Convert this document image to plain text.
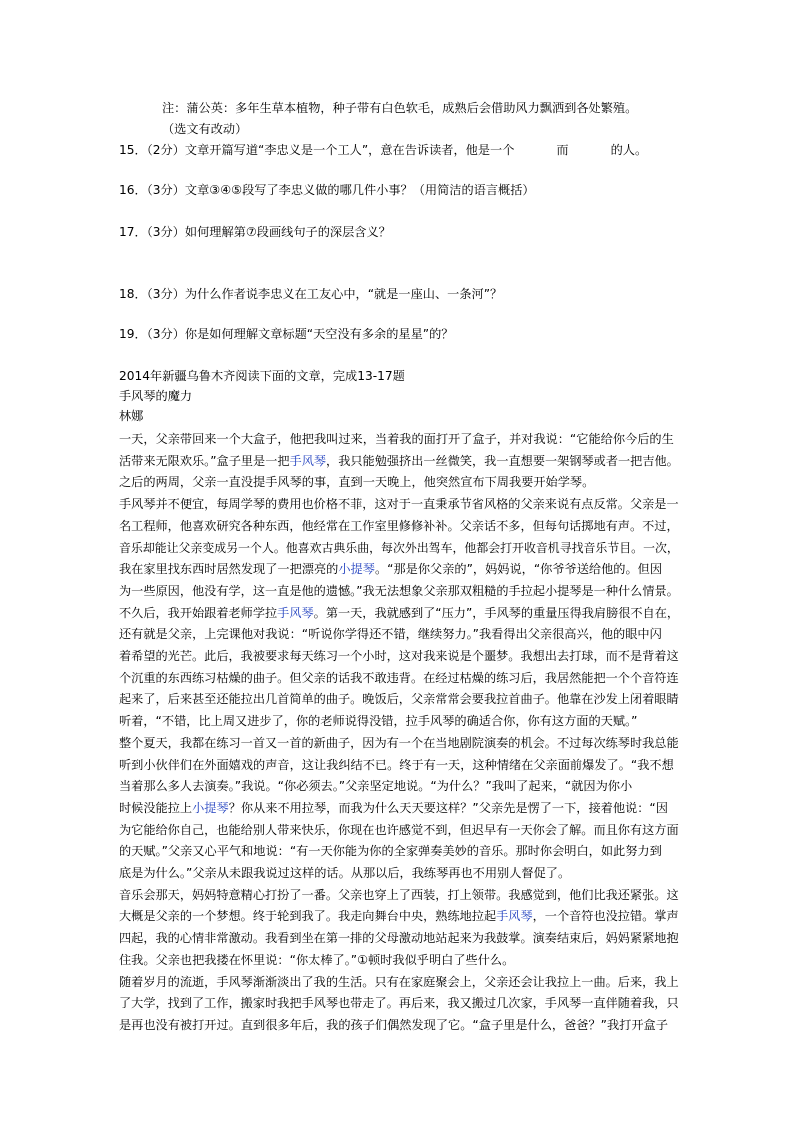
注：蒲公英：多年生草本植物，种子带有白色软毛，成熟后会借助风力飘洒到各处繁殖。
（选文有改动）
15．（2分）文章开篇写道“李忠义是一个工人”，意在告诉读者，他是一个	而	的人。
16．（3分）文章③④⑤段写了李忠义做的哪几件小事？（用简洁的语言概括）
17．（3分）如何理解第⑦段画线句子的深层含义？
18．（3分）为什么作者说李忠义在工友心中，“就是一座山、一条河”？
19．（3分）你是如何理解文章标题“天空没有多余的星星”的？
2014年新疆乌鲁木齐阅读下面的文章，完成13-17题
手风琴的魔力
林娜
一天，父亲带回来一个大盒子，他把我叫过来，当着我的面打开了盒子，并对我说：“它能给你今后的生
活带来无限欢乐。”盒子里是一把手风琴，我只能勉强挤出一丝微笑，我一直想要一架钢琴或者一把吉他。
之后的两周，父亲一直没提手风琴的事，直到一天晚上，他突然宣布下周我要开始学琴。
手风琴并不便宜，每周学琴的费用也价格不菲，这对于一直秉承节省风格的父亲来说有点反常。父亲是一
名工程师，他喜欢研究各种东西，他经常在工作室里修修补补。父亲话不多，但每句话掷地有声。不过，
音乐却能让父亲变成另一个人。他喜欢古典乐曲，每次外出驾车，他都会打开收音机寻找音乐节目。一次，
我在家里找东西时居然发现了一把漂亮的小提琴。“那是你父亲的”，妈妈说，“你爷爷送给他的。但因
为一些原因，他没有学，这一直是他的遗憾。”我无法想象父亲那双粗糙的手拉起小提琴是一种什么情景。
不久后，我开始跟着老师学拉手风琴。第一天，我就感到了“压力”，手风琴的重量压得我肩膀很不自在，
还有就是父亲，上完课他对我说：“听说你学得还不错，继续努力。”我看得出父亲很高兴，他的眼中闪
着希望的光芒。此后，我被要求每天练习一个小时，这对我来说是个噩梦。我想出去打球，而不是背着这
个沉重的东西练习枯燥的曲子。但父亲的话我不敢违背。在经过枯燥的练习后，我居然能把一个个音符连
起来了，后来甚至还能拉出几首简单的曲子。晚饭后，父亲常常会要我拉首曲子。他靠在沙发上闭着眼睛
听着，“不错，比上周又进步了，你的老师说得没错，拉手风琴的确适合你，你有这方面的天赋。”
整个夏天，我都在练习一首又一首的新曲子，因为有一个在当地剧院演奏的机会。不过每次练琴时我总能
听到小伙伴们在外面嬉戏的声音，这让我纠结不已。终于有一天，这种情绪在父亲面前爆发了。“我不想
当着那么多人去演奏。”我说。“你必须去。”父亲坚定地说。“为什么？”我叫了起来，“就因为你小
时候没能拉上小提琴？你从来不用拉琴，而我为什么天天要这样？”父亲先是愣了一下，接着他说：“因
为它能给你自己，也能给别人带来快乐，你现在也许感觉不到，但迟早有一天你会了解。而且你有这方面
的天赋。”父亲又心平气和地说：“有一天你能为你的全家弹奏美妙的音乐。那时你会明白，如此努力到
底是为什么。”父亲从未跟我说过这样的话。从那以后，我练琴再也不用别人督促了。
音乐会那天，妈妈特意精心打扮了一番。父亲也穿上了西装，打上领带。我感觉到，他们比我还紧张。这
大概是父亲的一个梦想。终于轮到我了。我走向舞台中央，熟练地拉起手风琴，一个音符也没拉错。掌声
四起，我的心情非常激动。我看到坐在第一排的父母激动地站起来为我鼓掌。演奏结束后，妈妈紧紧地抱
住我。父亲也把我搂在怀里说：“你太棒了。”①顿时我似乎明白了些什么。
随着岁月的流逝，手风琴渐渐淡出了我的生活。只有在家庭聚会上，父亲还会让我拉上一曲。后来，我上
了大学，找到了工作，搬家时我把手风琴也带走了。再后来，我又搬过几次家，手风琴一直伴随着我，只
是再也没有被打开过。直到很多年后，我的孩子们偶然发现了它。“盒子里是什么，爸爸？”我打开盒子
